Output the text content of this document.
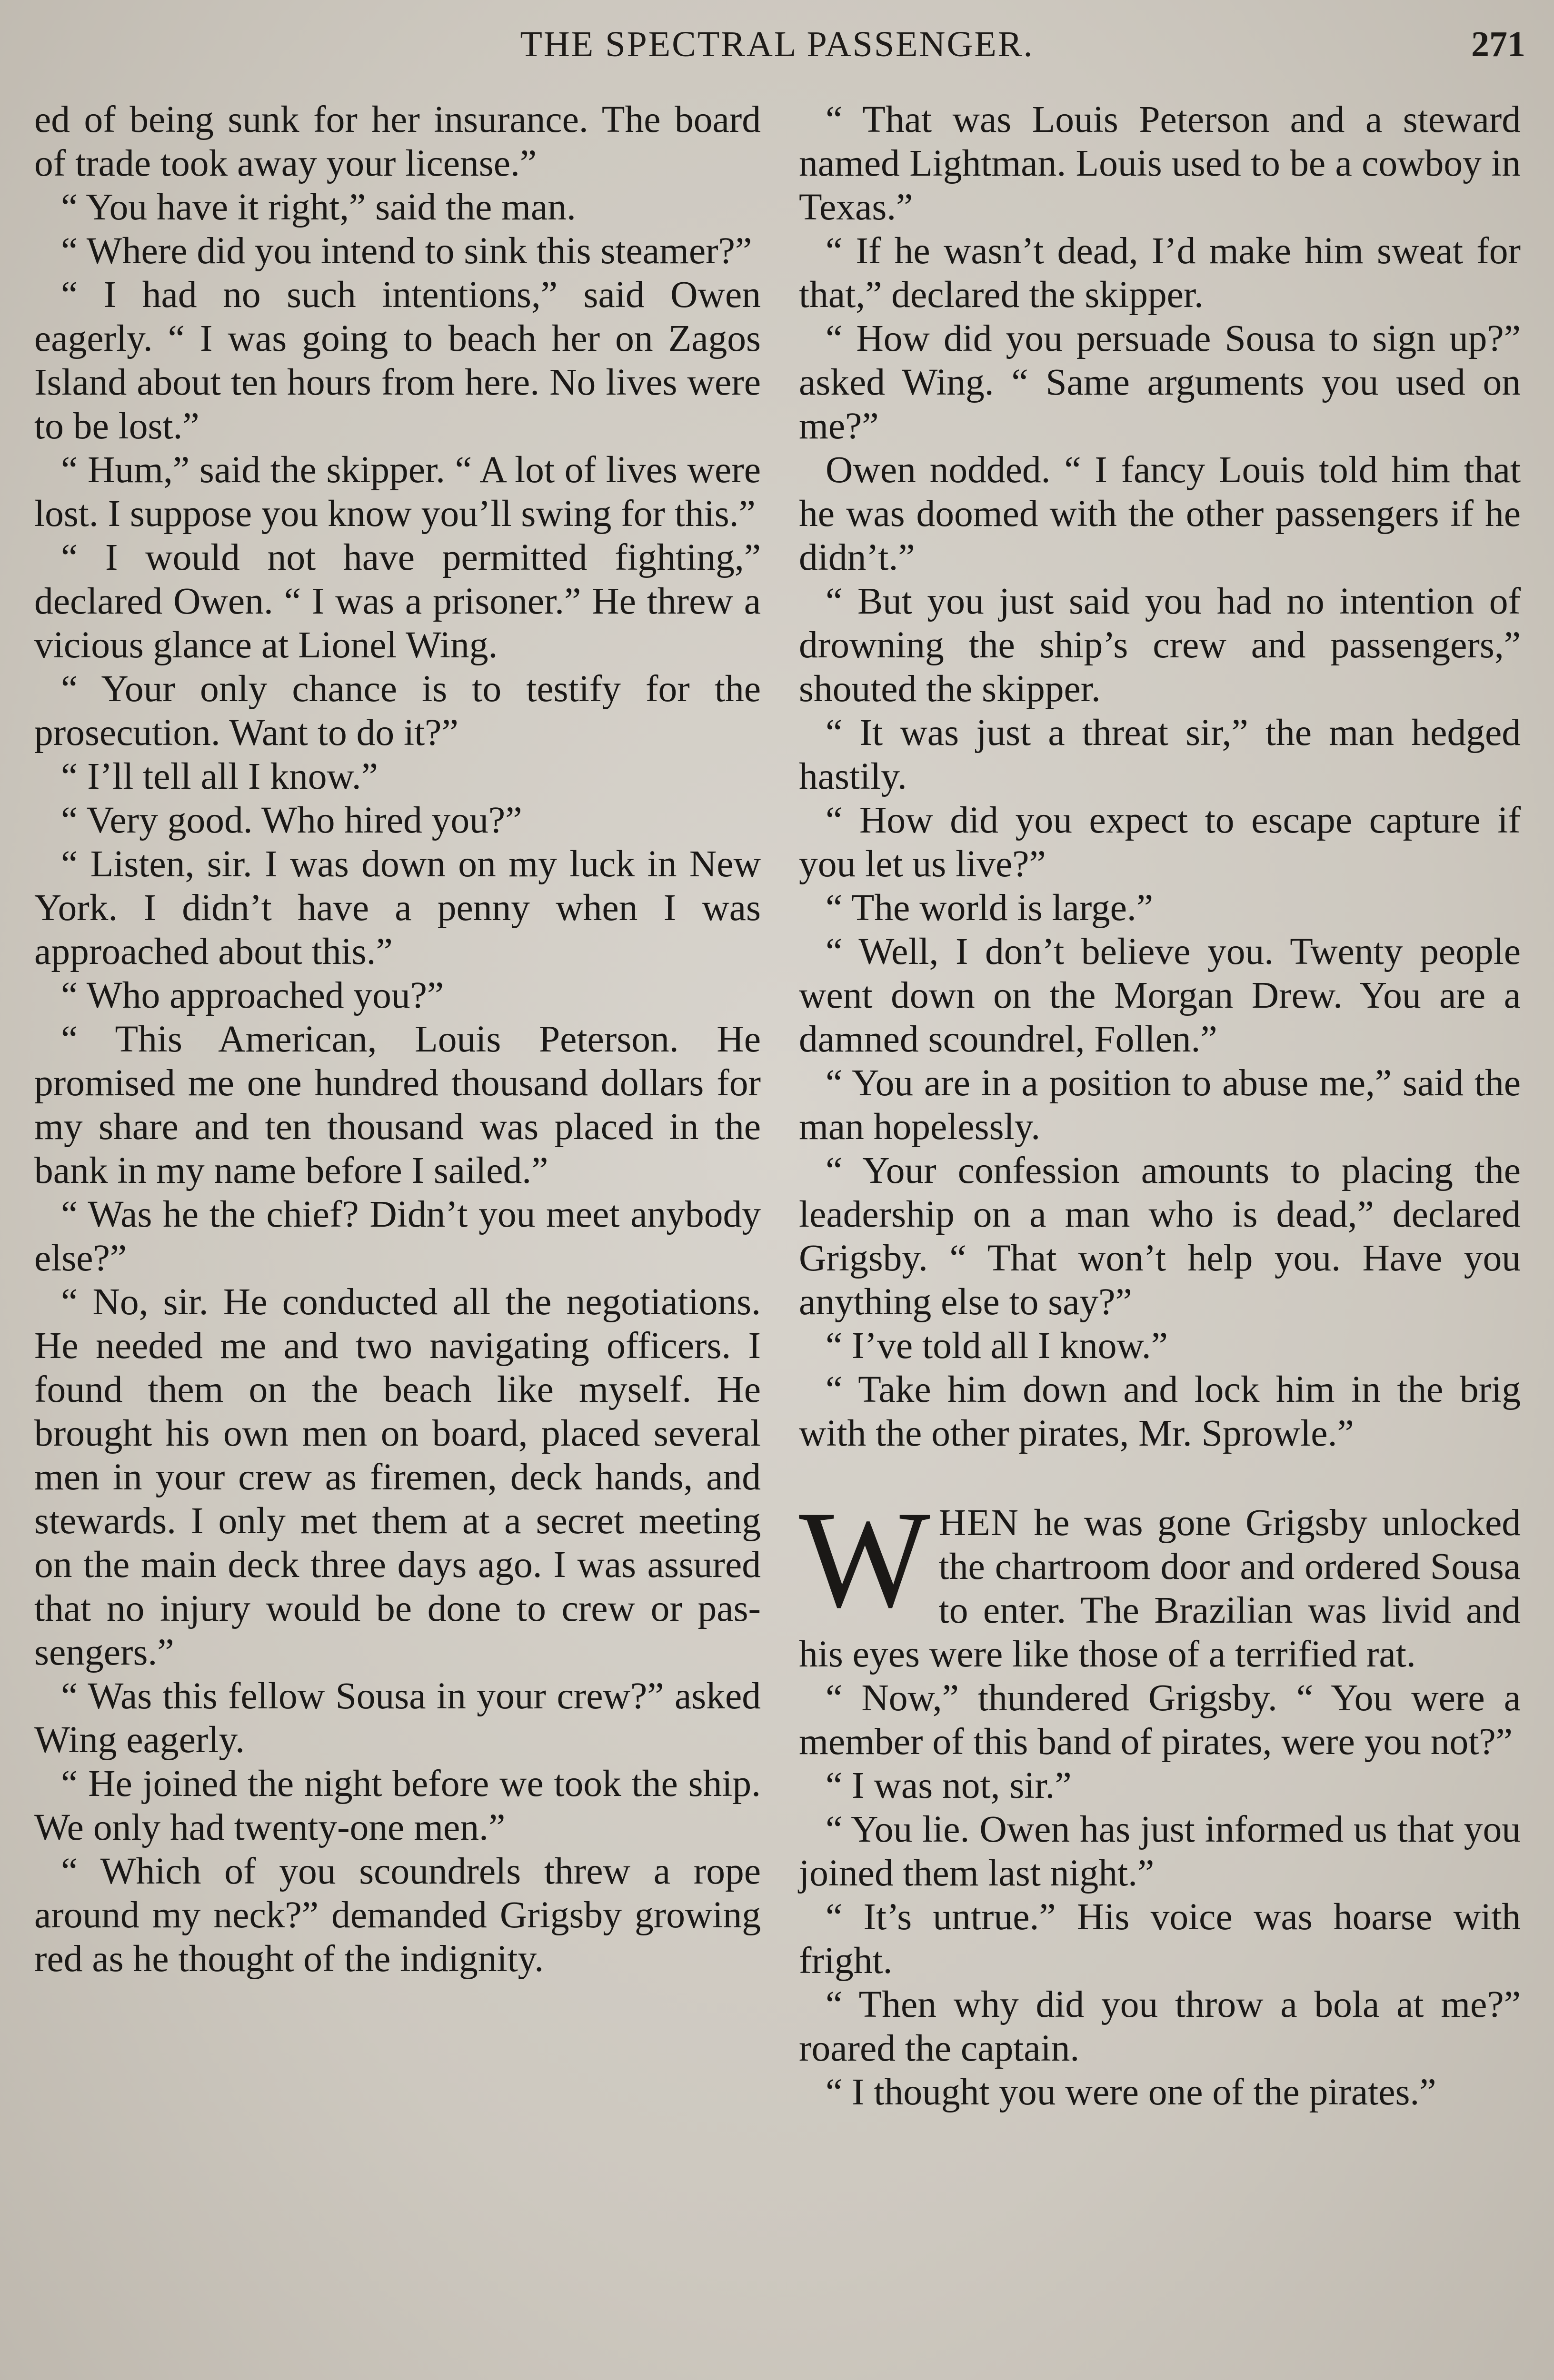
THE SPECTRAL PASSENGER.	271

ed of being sunk for her insurance. The board of trade took away your license.”

“ You have it right,” said the man.

“ Where did you intend to sink this steamer?”

“ I had no such intentions,” said Owen eagerly. “ I was going to beach her on Zagos Island about ten hours from here. No lives were to be lost.”

“ Hum,” said the skipper. “ A lot of lives were lost. I suppose you know you’ll swing for this.”

“ I would not have permitted fighting,” declared Owen. “ I was a prisoner.” He threw a vicious glance at Lionel Wing.

“ Your only chance is to testify for the prosecution. Want to do it?”

“ I’ll tell all I know.”

“ Very good. Who hired you?”

“ Listen, sir. I was down on my luck in New York. I didn’t have a penny when I was approached about this.”

“ Who approached you?”

“ This American, Louis Peterson. He promised me one hundred thousand dollars for my share and ten thousand was placed in the bank in my name before I sailed.”

“ Was he the chief? Didn’t you meet anybody else?”

“ No, sir. He conducted all the negotiations. He needed me and two navigating officers. I found them on the beach like myself. He brought his own men on board, placed several men in your crew as firemen, deck hands, and stewards. I only met them at a secret meeting on the main deck three days ago. I was assured that no injury would be done to crew or passengers.”

“ Was this fellow Sousa in your crew?” asked Wing eagerly.

“ He joined the night before we took the ship. We only had twenty-one men.”

“ Which of you scoundrels threw a rope around my neck?” demanded Grigsby growing red as he thought of the indignity.

“ That was Louis Peterson and a steward named Lightman. Louis used to be a cowboy in Texas.”

“ If he wasn’t dead, I’d make him sweat for that,” declared the skipper.

“ How did you persuade Sousa to sign up?” asked Wing. “ Same arguments you used on me?”

Owen nodded. “ I fancy Louis told him that he was doomed with the other passengers if he didn’t.”

“ But you just said you had no intention of drowning the ship’s crew and passengers,” shouted the skipper.

“ It was just a threat sir,” the man hedged hastily.

“ How did you expect to escape capture if you let us live?”

“ The world is large.”

“ Well, I don’t believe you. Twenty people went down on the Morgan Drew. You are a damned scoundrel, Follen.”

“ You are in a position to abuse me,” said the man hopelessly.

“ Your confession amounts to placing the leadership on a man who is dead,” declared Grigsby. “ That won’t help you. Have you anything else to say?”

“ I’ve told all I know.”

“ Take him down and lock him in the brig with the other pirates, Mr. Sprowle.”

WHEN he was gone Grigsby unlocked the chartroom door and ordered Sousa to enter. The Brazilian was livid and his eyes were like those of a terrified rat.

“ Now,” thundered Grigsby. “ You were a member of this band of pirates, were you not?”

“ I was not, sir.”

“ You lie. Owen has just informed us that you joined them last night.”

“ It’s untrue.” His voice was hoarse with fright.

“ Then why did you throw a bola at me?” roared the captain.

“ I thought you were one of the pirates.”
